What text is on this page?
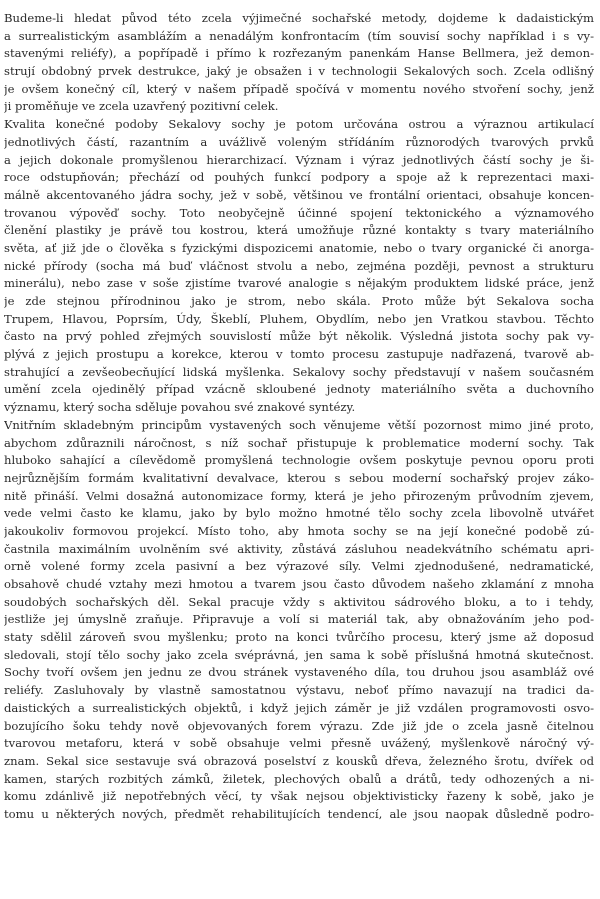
Budeme-li hledat původ této zcela výjimečné sochařské metody, dojdeme k dadaistickým
a surrealistickým asamblážím a nenadálým konfrontacím (tím souvisí sochy například i s vy-
stavenými reliéfy), a popřípadě i přímo k rozřezaným panenkám Hanse Bellmera, jež demon-
strují obdobný prvek destrukce, jaký je obsažen i v technologii Sekalových soch. Zcela odlišný
je ovšem konečný cíl, který v našem případě spočívá v momentu nového stvoření sochy, jenž
ji proměňuje ve zcela uzavřený pozitivní celek.
Kvalita konečné podoby Sekalovy sochy je potom určována ostrou a výraznou artikulací
jednotlivých částí, razantním a uvážlivě voleným střídáním různorodých tvarových prvků
a jejich dokonale promyšlenou hierarchizací. Význam i výraz jednotlivých částí sochy je ši-
roce odstupňován; přechází od pouhých funkcí podpory a spoje až k reprezentaci maxi-
málně akcentovaného jádra sochy, jež v sobě, většinou ve frontální orientaci, obsahuje koncen-
trovanou výpověď sochy. Toto neobyčejně účinné spojení tektonického a významového
členění plastiky je právě tou kostrou, která umožňuje různé kontakty s tvary materiálního
světa, ať již jde o člověka s fyzickými dispozicemi anatomie, nebo o tvary organické či anorga-
nické přírody (socha má buď vláčnost stvolu a nebo, zejména později, pevnost a strukturu
minerálu), nebo zase v soše zjistíme tvarové analogie s nějakým produktem lidské práce, jenž
je zde stejnou přírodninou jako je strom, nebo skála. Proto může být Sekalova socha
Trupem, Hlavou, Poprsím, Údy, Škeblí, Pluhem, Obydlím, nebo jen Vratkou stavbou. Těchto
často na prvý pohled zřejmých souvislostí může být několik. Výsledná jistota sochy pak vy-
plývá z jejich prostupu a korekce, kterou v tomto procesu zastupuje nadřazená, tvarově ab-
strahující a zevšeobecňující lidská myšlenka. Sekalovy sochy představují v našem současném
umění zcela ojedinělý případ vzácně skloubené jednoty materiálního světa a duchovního
významu, který socha sděluje povahou své znakové syntézy.
Vnitřním skladebným principům vystavených soch věnujeme větší pozornost mimo jiné proto,
abychom zdůraznili náročnost, s níž sochař přistupuje k problematice moderní sochy. Tak
hluboko sahající a cílevědomě promyšlená technologie ovšem poskytuje pevnou oporu proti
nejrůznějším formám kvalitativní devalvace, kterou s sebou moderní sochařský projev záko-
nitě přináší. Velmi dosažná autonomizace formy, která je jeho přirozeným průvodním zjevem,
vede velmi často ke klamu, jako by bylo možno hmotné tělo sochy zcela libovolně utvářet
jakoukoliv formovou projekcí. Místo toho, aby hmota sochy se na její konečné podobě zú-
častnila maximálním uvolněním své aktivity, zůstává zásluhou neadekvátního schématu apri-
orně volené formy zcela pasivní a bez výrazové síly. Velmi zjednodušené, nedramatické,
obsahově chudé vztahy mezi hmotou a tvarem jsou často důvodem našeho zklamání z mnoha
soudobých sochařských děl. Sekal pracuje vždy s aktivitou sádrového bloku, a to i tehdy,
jestliže jej úmyslně zraňuje. Připravuje a volí si materiál tak, aby obnažováním jeho pod-
staty sdělil zároveň svou myšlenku; proto na konci tvůrčího procesu, který jsme až doposud
sledovali, stojí tělo sochy jako zcela svéprávná, jen sama k sobě příslušná hmotná skutečnost.
Sochy tvoří ovšem jen jednu ze dvou stránek vystaveného díla, tou druhou jsou asambláž ové
reliéfy. Zasluhovaly by vlastně samostatnou výstavu, neboť přímo navazují na tradici da-
daistických a surrealistických objektů, i když jejich záměr je již vzdálen programovosti osvo-
bozujícího šoku tehdy nově objevovaných forem výrazu. Zde již jde o zcela jasně čitelnou
tvarovou metaforu, která v sobě obsahuje velmi přesně uvážený, myšlenkově náročný vý-
znam. Sekal sice sestavuje svá obrazová poselství z kousků dřeva, železného šrotu, dvířek od
kamen, starých rozbitých zámků, žiletek, plechových obalů a drátů, tedy odhozených a ni-
komu zdánlivě již nepotřebných věcí, ty však nejsou objektivisticky řazeny k sobě, jako je
tomu u některých nových, předmět rehabilitujících tendencí, ale jsou naopak důsledně podro-
